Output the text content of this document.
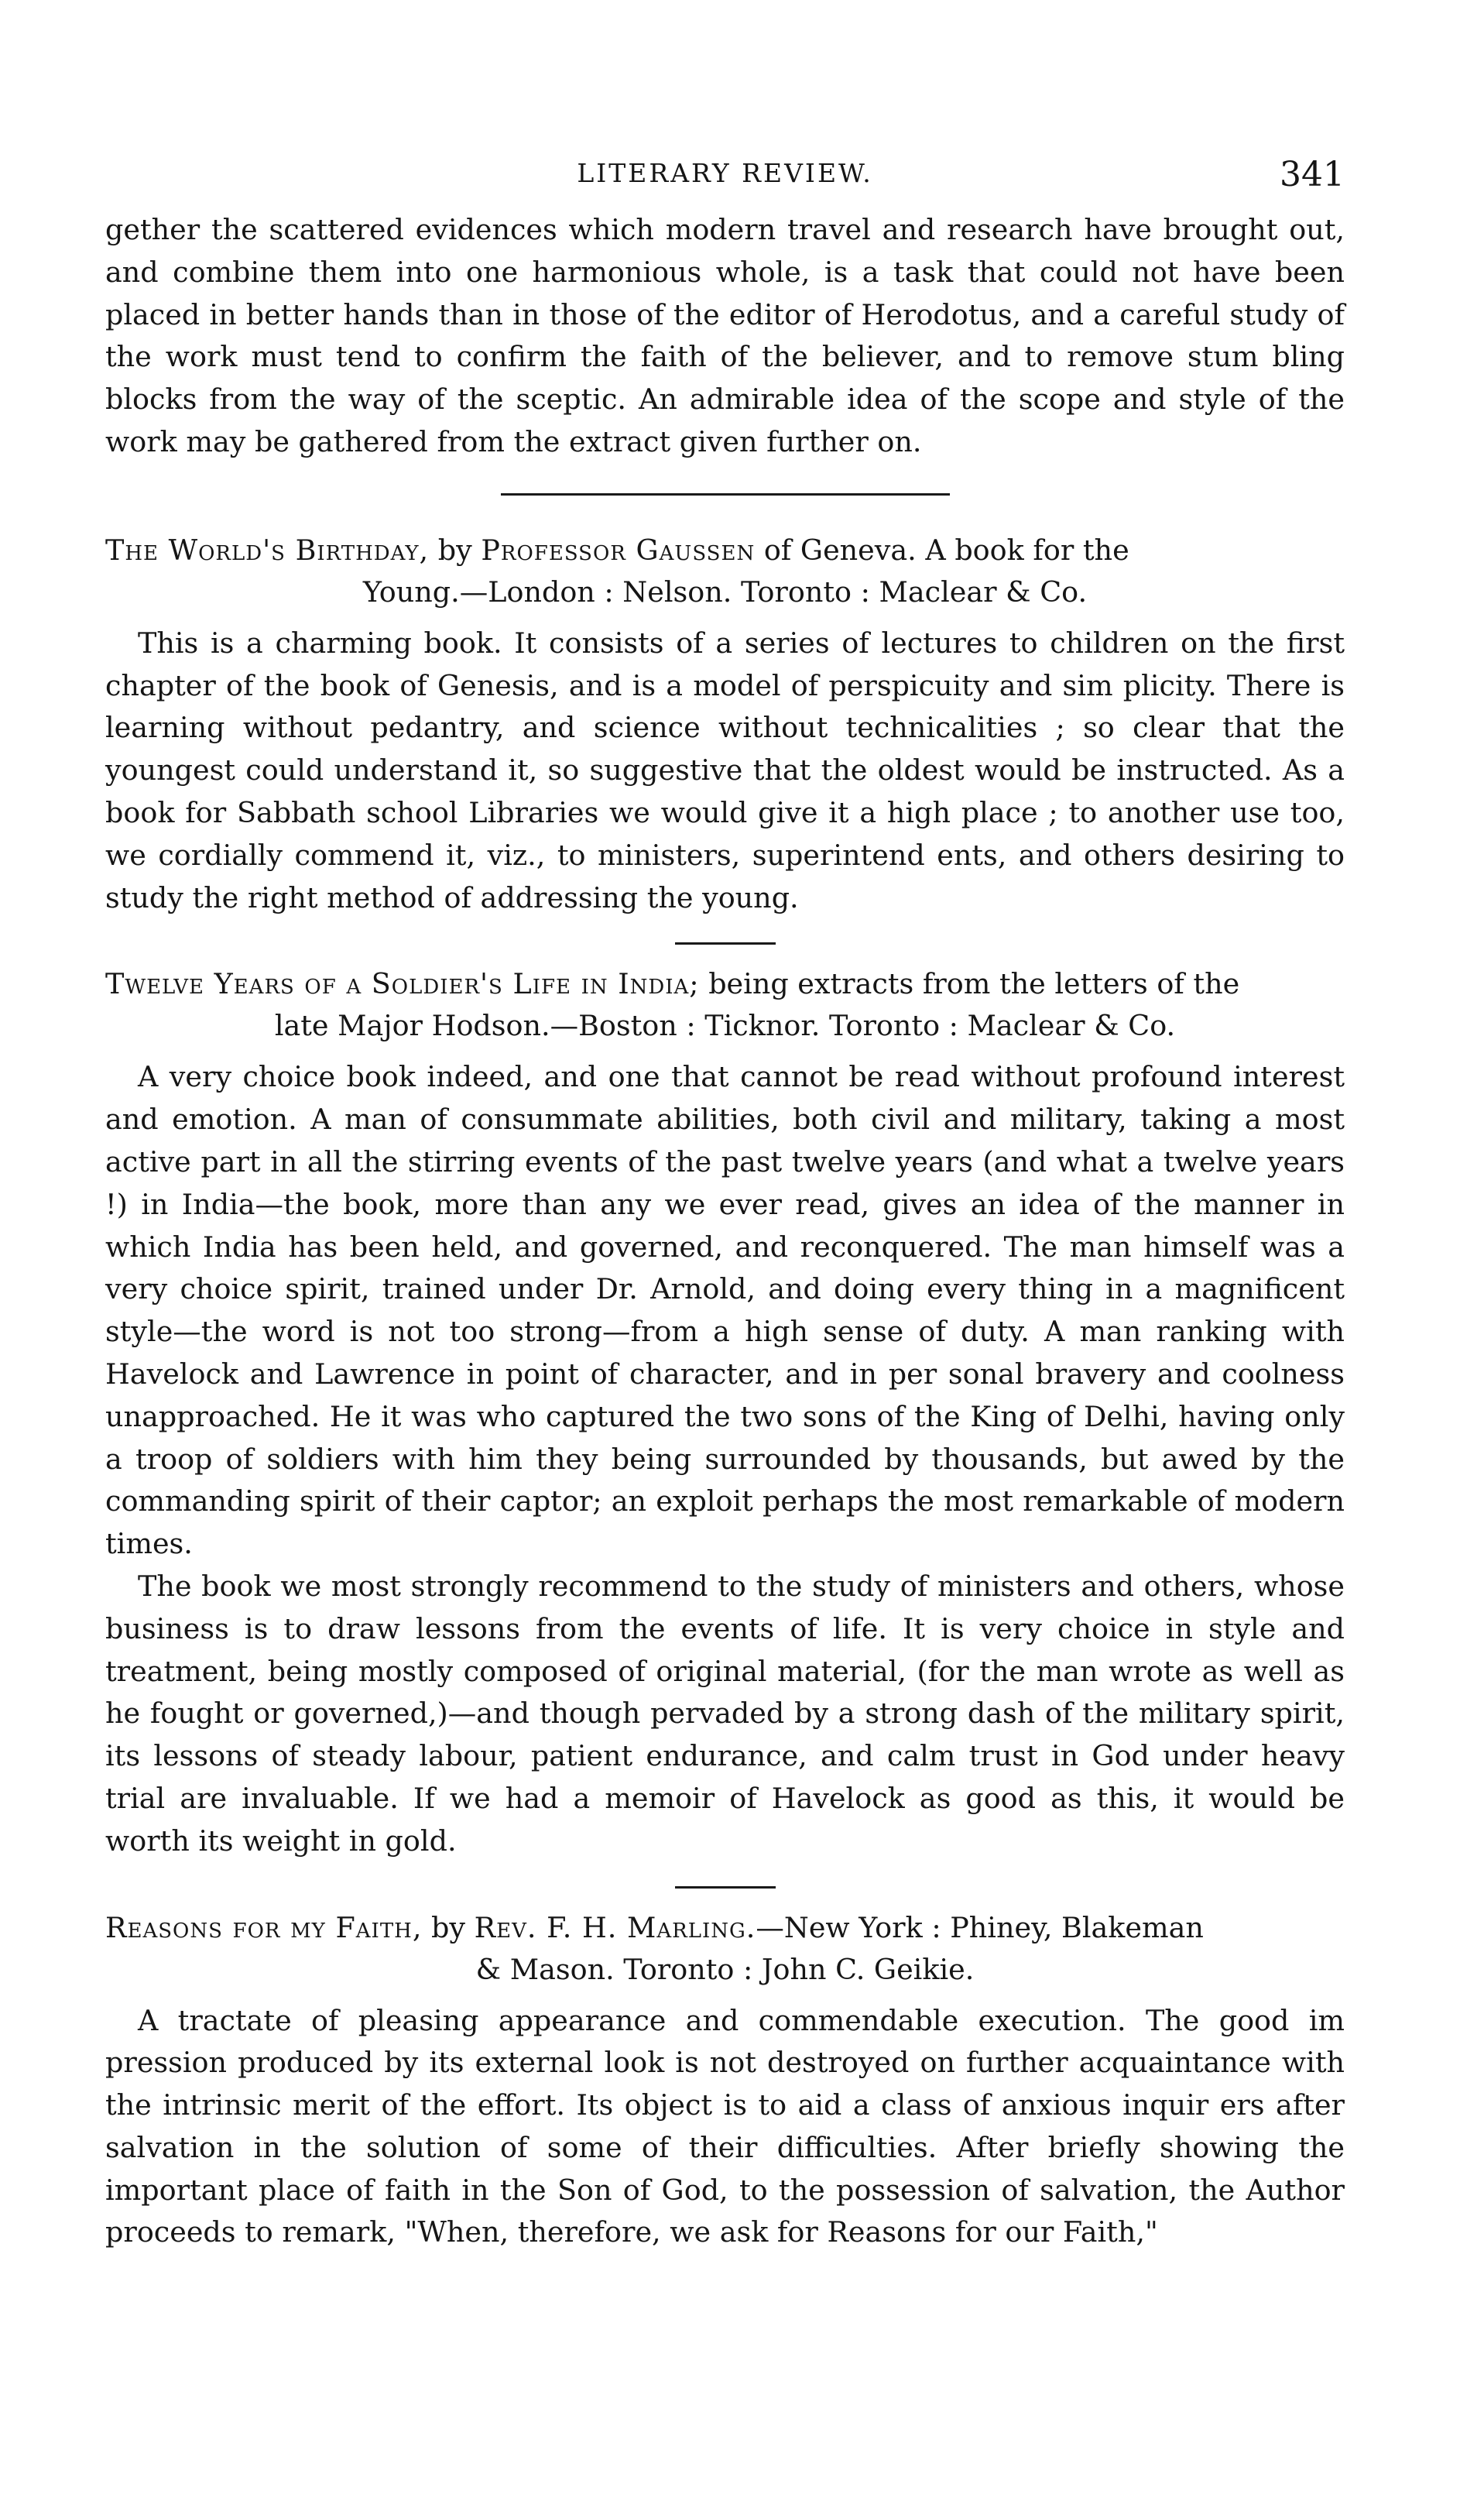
LITERARY REVIEW.	341

gether the scattered evidences which modern travel and research have brought out, and combine them into one harmonious whole, is a task that could not have been placed in better hands than in those of the editor of Herodotus, and a careful study of the work must tend to confirm the faith of the believer, and to remove stum bling blocks from the way of the sceptic. An admirable idea of the scope and style of the work may be gathered from the extract given further on.

The World's Birthday, by Professor Gaussen of Geneva. A book for the
Young.—London : Nelson. Toronto : Maclear & Co.

This is a charming book. It consists of a series of lectures to children on the first chapter of the book of Genesis, and is a model of perspicuity and sim plicity. There is learning without pedantry, and science without technicalities ; so clear that the youngest could understand it, so suggestive that the oldest would be instructed. As a book for Sabbath school Libraries we would give it a high place ; to another use too, we cordially commend it, viz., to ministers, superintend ents, and others desiring to study the right method of addressing the young.

Twelve Years of a Soldier's Life in India; being extracts from the letters of the
late Major Hodson.—Boston : Ticknor. Toronto : Maclear & Co.

A very choice book indeed, and one that cannot be read without profound interest and emotion. A man of consummate abilities, both civil and military, taking a most active part in all the stirring events of the past twelve years (and what a twelve years !) in India—the book, more than any we ever read, gives an idea of the manner in which India has been held, and governed, and reconquered. The man himself was a very choice spirit, trained under Dr. Arnold, and doing every thing in a magnificent style—the word is not too strong—from a high sense of duty. A man ranking with Havelock and Lawrence in point of character, and in per sonal bravery and coolness unapproached. He it was who captured the two sons of the King of Delhi, having only a troop of soldiers with him they being surrounded by thousands, but awed by the commanding spirit of their captor; an exploit perhaps the most remarkable of modern times.

The book we most strongly recommend to the study of ministers and others, whose business is to draw lessons from the events of life. It is very choice in style and treatment, being mostly composed of original material, (for the man wrote as well as he fought or governed,)—and though pervaded by a strong dash of the military spirit, its lessons of steady labour, patient endurance, and calm trust in God under heavy trial are invaluable. If we had a memoir of Havelock as good as this, it would be worth its weight in gold.

Reasons for my Faith, by Rev. F. H. Marling.—New York : Phiney, Blakeman
& Mason. Toronto : John C. Geikie.

A tractate of pleasing appearance and commendable execution. The good im pression produced by its external look is not destroyed on further acquaintance with the intrinsic merit of the effort. Its object is to aid a class of anxious inquir ers after salvation in the solution of some of their difficulties. After briefly showing the important place of faith in the Son of God, to the possession of salvation, the Author proceeds to remark, "When, therefore, we ask for Reasons for our Faith,"
